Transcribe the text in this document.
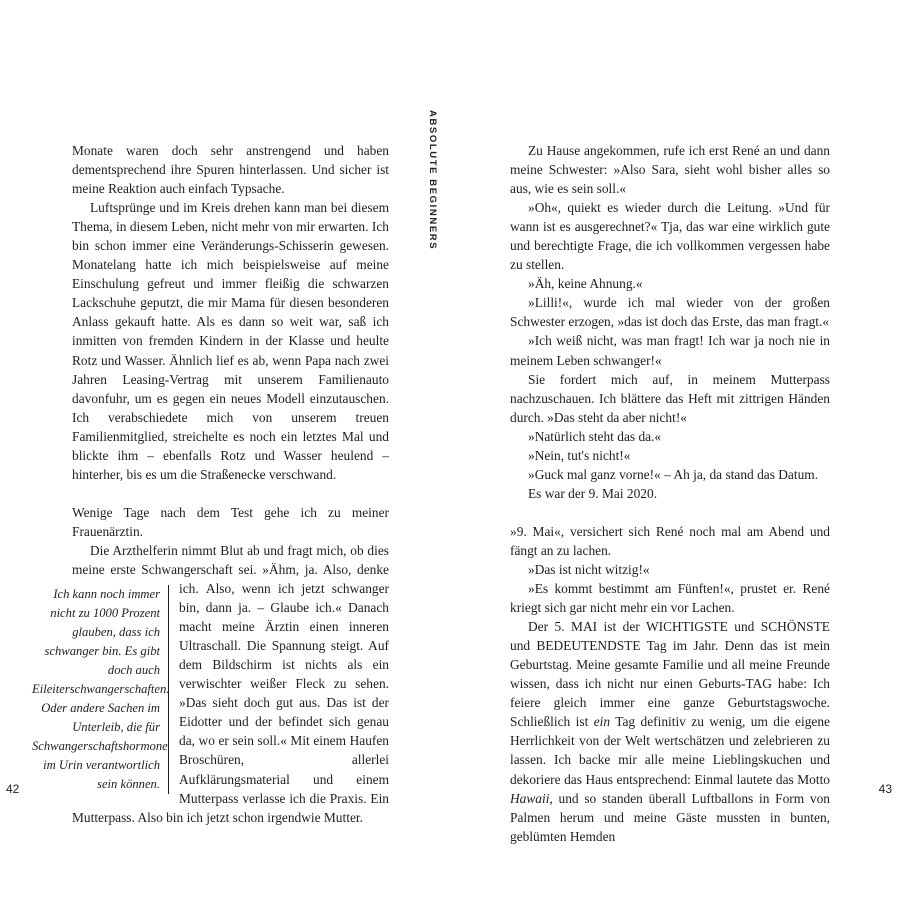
Monate waren doch sehr anstrengend und haben dementsprechend ihre Spuren hinterlassen. Und sicher ist meine Reaktion auch einfach Typsache.

Luftsprünge und im Kreis drehen kann man bei diesem Thema, in diesem Leben, nicht mehr von mir erwarten. Ich bin schon immer eine Veränderungs-Schisserin gewesen. Monatelang hatte ich mich beispielsweise auf meine Einschulung gefreut und immer fleißig die schwarzen Lackschuhe geputzt, die mir Mama für diesen besonderen Anlass gekauft hatte. Als es dann so weit war, saß ich inmitten von fremden Kindern in der Klasse und heulte Rotz und Wasser. Ähnlich lief es ab, wenn Papa nach zwei Jahren Leasing-Vertrag mit unserem Familienauto davonfuhr, um es gegen ein neues Modell einzutauschen. Ich verabschiedete mich von unserem treuen Familienmitglied, streichelte es noch ein letztes Mal und blickte ihm – ebenfalls Rotz und Wasser heulend – hinterher, bis es um die Straßenecke verschwand.

Wenige Tage nach dem Test gehe ich zu meiner Frauenärztin.

Die Arzthelferin nimmt Blut ab und fragt mich, ob dies meine erste Schwangerschaft sei. »Ähm, ja. Also, denke ich.
Ich kann noch immer nicht zu 1000 Prozent glauben, dass ich schwanger bin. Es gibt doch auch Eileiterschwangerschaften. Oder andere Sachen im Unterleib, die für Schwangerschaftshormone im Urin verantwortlich sein können.
Also, wenn ich jetzt schwanger bin, dann ja. – Glaube ich.« Danach macht meine Ärztin einen inneren Ultraschall. Die Spannung steigt. Auf dem Bildschirm ist nichts als ein verwischter weißer Fleck zu sehen. »Das sieht doch gut aus. Das ist der Eidotter und der befindet sich genau da, wo er sein soll.« Mit einem Haufen Broschüren, allerlei Aufklärungsmaterial und einem Mutterpass verlasse ich die Praxis. Ein Mutterpass. Also bin ich jetzt schon irgendwie Mutter.

42

Zu Hause angekommen, rufe ich erst René an und dann meine Schwester: »Also Sara, sieht wohl bisher alles so aus, wie es sein soll.«

»Oh«, quiekt es wieder durch die Leitung. »Und für wann ist es ausgerechnet?« Tja, das war eine wirklich gute und berechtigte Frage, die ich vollkommen vergessen habe zu stellen.

»Äh, keine Ahnung.«

»Lilli!«, wurde ich mal wieder von der großen Schwester erzogen, »das ist doch das Erste, das man fragt.«

»Ich weiß nicht, was man fragt! Ich war ja noch nie in meinem Leben schwanger!«

Sie fordert mich auf, in meinem Mutterpass nachzuschauen. Ich blättere das Heft mit zittrigen Händen durch. »Das steht da aber nicht!«

»Natürlich steht das da.«

»Nein, tut's nicht!«

»Guck mal ganz vorne!« – Ah ja, da stand das Datum.

Es war der 9. Mai 2020.

»9. Mai«, versichert sich René noch mal am Abend und fängt an zu lachen.

»Das ist nicht witzig!«

»Es kommt bestimmt am Fünften!«, prustet er. René kriegt sich gar nicht mehr ein vor Lachen.

Der 5. MAI ist der WICHTIGSTE und SCHÖNSTE und BEDEUTENDSTE Tag im Jahr. Denn das ist mein Geburtstag. Meine gesamte Familie und all meine Freunde wissen, dass ich nicht nur einen Geburts-TAG habe: Ich feiere gleich immer eine ganze Geburtstagswoche. Schließlich ist ein Tag definitiv zu wenig, um die eigene Herrlichkeit von der Welt wertschätzen und zelebrieren zu lassen. Ich backe mir alle meine Lieblingskuchen und dekoriere das Haus entsprechend: Einmal lautete das Motto Hawaii, und so standen überall Luftballons in Form von Palmen herum und meine Gäste mussten in bunten, geblümten Hemden

43
ABSOLUTE BEGINNERS
